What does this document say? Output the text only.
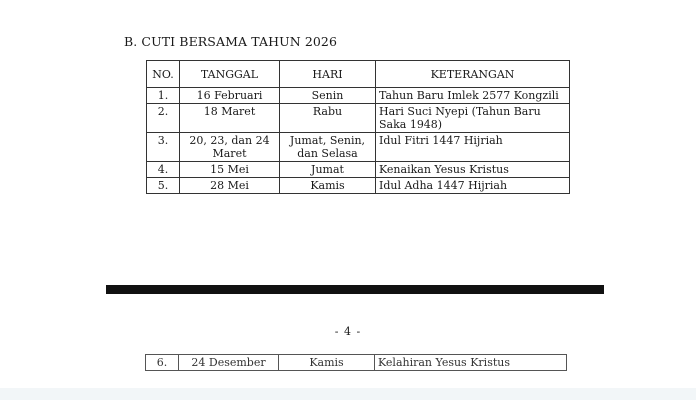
B. CUTI BERSAMA TAHUN 2026
NO.	TANGGAL	HARI	KETERANGAN
1.	16 Februari	Senin	Tahun Baru Imlek 2577 Kongzili
2.	18 Maret	Rabu	Hari Suci Nyepi (Tahun Baru Saka 1948)
3.	20, 23, dan 24 Maret	Jumat, Senin, dan Selasa	Idul Fitri 1447 Hijriah
4.	15 Mei	Jumat	Kenaikan Yesus Kristus
5.	28 Mei	Kamis	Idul Adha 1447 Hijriah
- 4 -
6.	24 Desember	Kamis	Kelahiran Yesus Kristus
